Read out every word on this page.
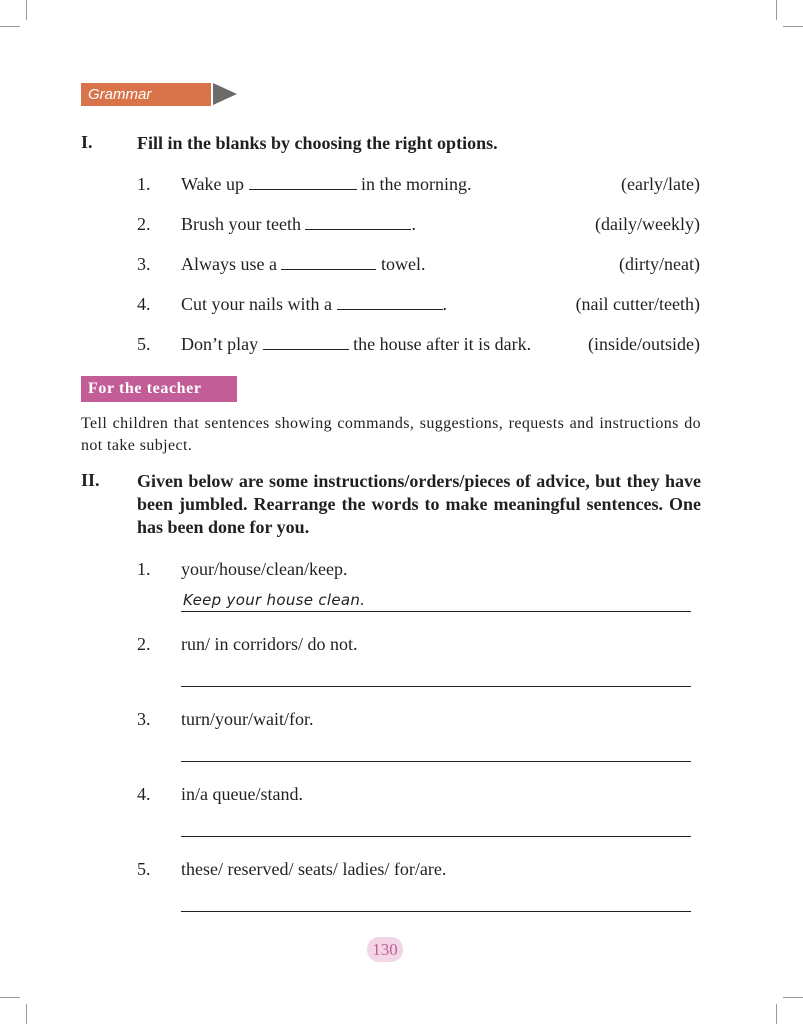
Grammar
I. Fill in the blanks by choosing the right options.
1. Wake up	in the morning.	(early/late)
2. Brush your teeth	.	(daily/weekly)
3. Always use a	towel.	(dirty/neat)
4. Cut your nails with a	.	(nail cutter/teeth)
5. Don’t play	the house after it is dark.	(inside/outside)
For the teacher
Tell children that sentences showing commands, suggestions, requests and instructions do not take subject.
II. Given below are some instructions/orders/pieces of advice, but they have been jumbled. Rearrange the words to make meaningful sentences. One has been done for you.
1. your/house/clean/keep.
Keep your house clean.
2. run/ in corridors/ do not.
3. turn/your/wait/for.
4. in/a queue/stand.
5. these/ reserved/ seats/ ladies/ for/are.
130
